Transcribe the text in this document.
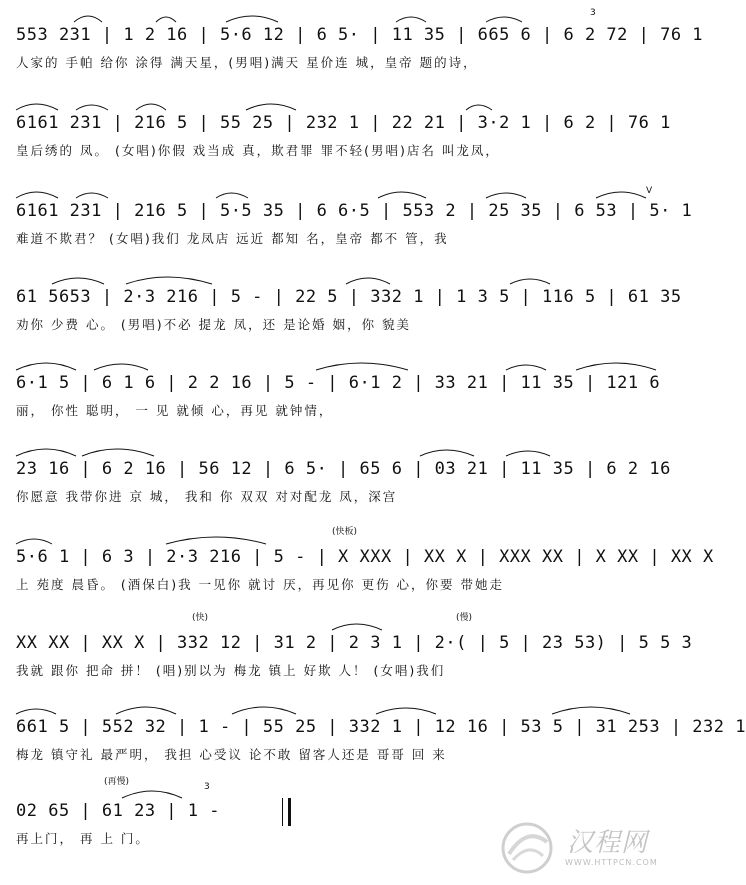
553 231 | 1 2 16 | 5·6 12 | 6 5· | 11 35 | 665 6 | 6 2 72 | 76 1
人家的 手帕 给你 涂得 满天星，(男唱)满天 星价连 城，皇帝 题的诗，
3
6161 231 | 216 5 | 55 25 | 232 1 | 22 21 | 3·2 1 | 6 2 | 76 1
皇后绣的 凤。 (女唱)你假 戏当成 真，欺君罪 罪不轻(男唱)店名 叫龙凤，
6161 231 | 216 5 | 5·5 35 | 6 6·5 | 553 2 | 25 35 | 6 53 | 5· 1
难道不欺君？ (女唱)我们 龙凤店 远近 都知 名，皇帝 都不 管，我
V
61 5653 | 2·3 216 | 5 - | 22 5 | 332 1 | 1 3 5 | 116 5 | 61 35
劝你 少费 心。 (男唱)不必 提龙 凤，还 是论婚 姻，你 貌美
6·1 5 | 6 1 6 | 2 2 16 | 5 - | 6·1 2 | 33 21 | 11 35 | 121 6
丽， 你性 聪明， 一 见 就倾 心，再见 就钟情，
23 16 | 6 2 16 | 56 12 | 6 5· | 65 6 | 03 21 | 11 35 | 6 2 16
你愿意 我带你进 京 城， 我和 你 双双 对对配龙 凤，深宫
(快板)
5·6 1 | 6 3 | 2·3 216 | 5 - | X XXX | XX X | XXX XX | X XX | XX X
上 苑度 晨昏。 (酒保白)我 一见你 就讨 厌，再见你 更伤 心，你要 带她走
(快)	(慢)
XX XX | XX X | 332 12 | 31 2 | 2 3 1 | 2·( | 5 | 23 53) | 5 5 3
我就 跟你 把命 拼！ (唱)别以为 梅龙 镇上 好欺 人！ (女唱)我们
661 5 | 552 32 | 1 - | 55 25 | 332 1 | 12 16 | 53 5 | 31 253 | 232 1
梅龙 镇守礼 最严明， 我担 心受议 论不敢 留客人还是 哥哥 回 来
(再慢)	3
02 65 | 61 23 | 1 -
再上门， 再 上 门。	汉程网
WWW.HTTPCN.COM
